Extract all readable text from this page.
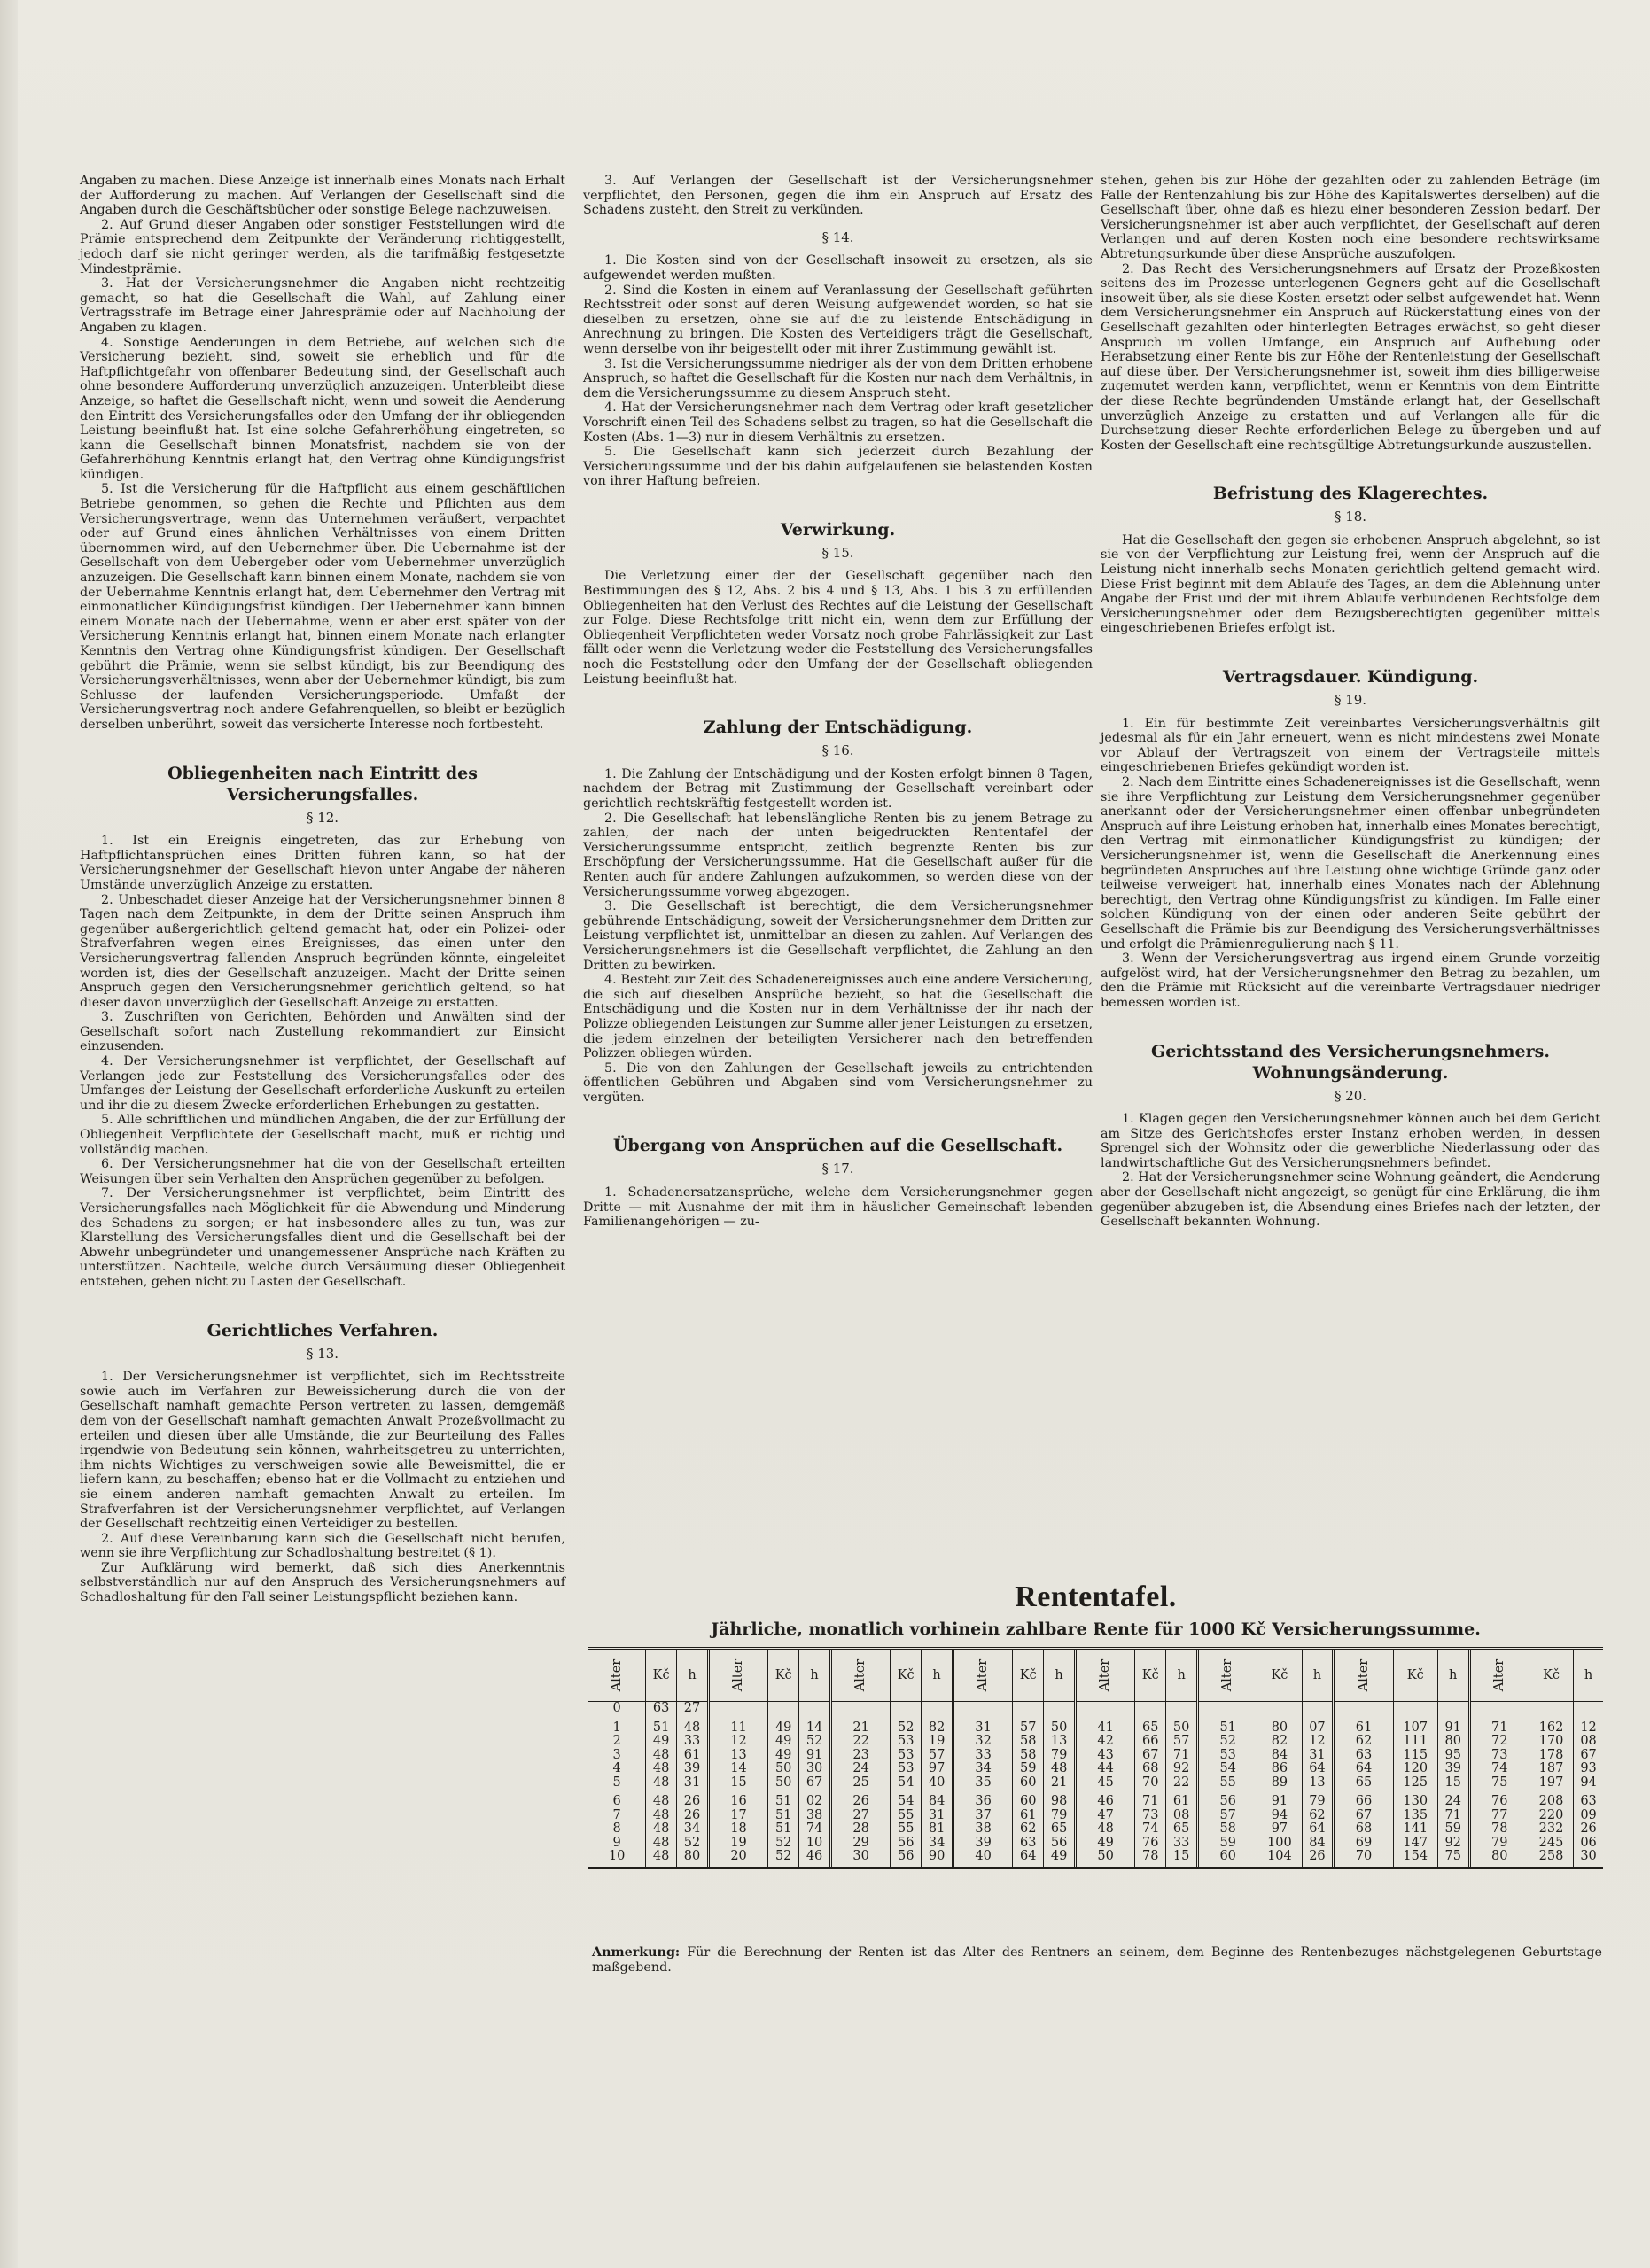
Angaben zu machen. Diese Anzeige ist innerhalb eines Monats nach Erhalt der Aufforderung zu machen. Auf Verlangen der Gesellschaft sind die Angaben durch die Geschäftsbücher oder sonstige Belege nachzuweisen.

2. Auf Grund dieser Angaben oder sonstiger Feststellungen wird die Prämie entsprechend dem Zeitpunkte der Veränderung richtiggestellt, jedoch darf sie nicht geringer werden, als die tarifmäßig festgesetzte Mindestprämie.

3. Hat der Versicherungsnehmer die Angaben nicht rechtzeitig gemacht, so hat die Gesellschaft die Wahl, auf Zahlung einer Vertragsstrafe im Betrage einer Jahresprämie oder auf Nachholung der Angaben zu klagen.

4. Sonstige Aenderungen in dem Betriebe, auf welchen sich die Versicherung bezieht, sind, soweit sie erheblich und für die Haftpflichtgefahr von offenbarer Bedeutung sind, der Gesellschaft auch ohne besondere Aufforderung unverzüglich anzuzeigen. Unterbleibt diese Anzeige, so haftet die Gesellschaft nicht, wenn und soweit die Aenderung den Eintritt des Versicherungsfalles oder den Umfang der ihr obliegenden Leistung beeinflußt hat. Ist eine solche Gefahrerhöhung eingetreten, so kann die Gesellschaft binnen Monatsfrist, nachdem sie von der Gefahrerhöhung Kenntnis erlangt hat, den Vertrag ohne Kündigungsfrist kündigen.

5. Ist die Versicherung für die Haftpflicht aus einem geschäftlichen Betriebe genommen, so gehen die Rechte und Pflichten aus dem Versicherungsvertrage, wenn das Unternehmen veräußert, verpachtet oder auf Grund eines ähnlichen Verhältnisses von einem Dritten übernommen wird, auf den Uebernehmer über. Die Uebernahme ist der Gesellschaft von dem Uebergeber oder vom Uebernehmer unverzüglich anzuzeigen. Die Gesellschaft kann binnen einem Monate, nachdem sie von der Uebernahme Kenntnis erlangt hat, dem Uebernehmer den Vertrag mit einmonatlicher Kündigungsfrist kündigen. Der Uebernehmer kann binnen einem Monate nach der Uebernahme, wenn er aber erst später von der Versicherung Kenntnis erlangt hat, binnen einem Monate nach erlangter Kenntnis den Vertrag ohne Kündigungsfrist kündigen. Der Gesellschaft gebührt die Prämie, wenn sie selbst kündigt, bis zur Beendigung des Versicherungsverhältnisses, wenn aber der Uebernehmer kündigt, bis zum Schlusse der laufenden Versicherungsperiode. Umfaßt der Versicherungsvertrag noch andere Gefahrenquellen, so bleibt er bezüglich derselben unberührt, soweit das versicherte Interesse noch fortbesteht.

Obliegenheiten nach Eintritt des Versicherungsfalles.
§ 12.

1. Ist ein Ereignis eingetreten, das zur Erhebung von Haftpflichtansprüchen eines Dritten führen kann, so hat der Versicherungsnehmer der Gesellschaft hievon unter Angabe der näheren Umstände unverzüglich Anzeige zu erstatten.

2. Unbeschadet dieser Anzeige hat der Versicherungsnehmer binnen 8 Tagen nach dem Zeitpunkte, in dem der Dritte seinen Anspruch ihm gegenüber außergerichtlich geltend gemacht hat, oder ein Polizei- oder Strafverfahren wegen eines Ereignisses, das einen unter den Versicherungsvertrag fallenden Anspruch begründen könnte, eingeleitet worden ist, dies der Gesellschaft anzuzeigen. Macht der Dritte seinen Anspruch gegen den Versicherungsnehmer gerichtlich geltend, so hat dieser davon unverzüglich der Gesellschaft Anzeige zu erstatten.

3. Zuschriften von Gerichten, Behörden und Anwälten sind der Gesellschaft sofort nach Zustellung rekommandiert zur Einsicht einzusenden.

4. Der Versicherungsnehmer ist verpflichtet, der Gesellschaft auf Verlangen jede zur Feststellung des Versicherungsfalles oder des Umfanges der Leistung der Gesellschaft erforderliche Auskunft zu erteilen und ihr die zu diesem Zwecke erforderlichen Erhebungen zu gestatten.

5. Alle schriftlichen und mündlichen Angaben, die der zur Erfüllung der Obliegenheit Verpflichtete der Gesellschaft macht, muß er richtig und vollständig machen.

6. Der Versicherungsnehmer hat die von der Gesellschaft erteilten Weisungen über sein Verhalten den Ansprüchen gegenüber zu befolgen.

7. Der Versicherungsnehmer ist verpflichtet, beim Eintritt des Versicherungsfalles nach Möglichkeit für die Abwendung und Minderung des Schadens zu sorgen; er hat insbesondere alles zu tun, was zur Klarstellung des Versicherungsfalles dient und die Gesellschaft bei der Abwehr unbegründeter und unangemessener Ansprüche nach Kräften zu unterstützen. Nachteile, welche durch Versäumung dieser Obliegenheit entstehen, gehen nicht zu Lasten der Gesellschaft.

Gerichtliches Verfahren.
§ 13.

1. Der Versicherungsnehmer ist verpflichtet, sich im Rechtsstreite sowie auch im Verfahren zur Beweissicherung durch die von der Gesellschaft namhaft gemachte Person vertreten zu lassen, demgemäß dem von der Gesellschaft namhaft gemachten Anwalt Prozeßvollmacht zu erteilen und diesen über alle Umstände, die zur Beurteilung des Falles irgendwie von Bedeutung sein können, wahrheitsgetreu zu unterrichten, ihm nichts Wichtiges zu verschweigen sowie alle Beweismittel, die er liefern kann, zu beschaffen; ebenso hat er die Vollmacht zu entziehen und sie einem anderen namhaft gemachten Anwalt zu erteilen. Im Strafverfahren ist der Versicherungsnehmer verpflichtet, auf Verlangen der Gesellschaft rechtzeitig einen Verteidiger zu bestellen.

2. Auf diese Vereinbarung kann sich die Gesellschaft nicht berufen, wenn sie ihre Verpflichtung zur Schadloshaltung bestreitet (§ 1).

Zur Aufklärung wird bemerkt, daß sich dies Anerkenntnis selbstverständlich nur auf den Anspruch des Versicherungsnehmers auf Schadloshaltung für den Fall seiner Leistungspflicht beziehen kann.

3. Auf Verlangen der Gesellschaft ist der Versicherungsnehmer verpflichtet, den Personen, gegen die ihm ein Anspruch auf Ersatz des Schadens zusteht, den Streit zu verkünden.

§ 14.

1. Die Kosten sind von der Gesellschaft insoweit zu ersetzen, als sie aufgewendet werden mußten.

2. Sind die Kosten in einem auf Veranlassung der Gesellschaft geführten Rechtsstreit oder sonst auf deren Weisung aufgewendet worden, so hat sie dieselben zu ersetzen, ohne sie auf die zu leistende Entschädigung in Anrechnung zu bringen. Die Kosten des Verteidigers trägt die Gesellschaft, wenn derselbe von ihr beigestellt oder mit ihrer Zustimmung gewählt ist.

3. Ist die Versicherungssumme niedriger als der von dem Dritten erhobene Anspruch, so haftet die Gesellschaft für die Kosten nur nach dem Verhältnis, in dem die Versicherungssumme zu diesem Anspruch steht.

4. Hat der Versicherungsnehmer nach dem Vertrag oder kraft gesetzlicher Vorschrift einen Teil des Schadens selbst zu tragen, so hat die Gesellschaft die Kosten (Abs. 1—3) nur in diesem Verhältnis zu ersetzen.

5. Die Gesellschaft kann sich jederzeit durch Bezahlung der Versicherungssumme und der bis dahin aufgelaufenen sie belastenden Kosten von ihrer Haftung befreien.

Verwirkung.
§ 15.

Die Verletzung einer der der Gesellschaft gegenüber nach den Bestimmungen des § 12, Abs. 2 bis 4 und § 13, Abs. 1 bis 3 zu erfüllenden Obliegenheiten hat den Verlust des Rechtes auf die Leistung der Gesellschaft zur Folge. Diese Rechtsfolge tritt nicht ein, wenn dem zur Erfüllung der Obliegenheit Verpflichteten weder Vorsatz noch grobe Fahrlässigkeit zur Last fällt oder wenn die Verletzung weder die Feststellung des Versicherungsfalles noch die Feststellung oder den Umfang der der Gesellschaft obliegenden Leistung beeinflußt hat.

Zahlung der Entschädigung.
§ 16.

1. Die Zahlung der Entschädigung und der Kosten erfolgt binnen 8 Tagen, nachdem der Betrag mit Zustimmung der Gesellschaft vereinbart oder gerichtlich rechtskräftig festgestellt worden ist.

2. Die Gesellschaft hat lebenslängliche Renten bis zu jenem Betrage zu zahlen, der nach der unten beigedruckten Rententafel der Versicherungssumme entspricht, zeitlich begrenzte Renten bis zur Erschöpfung der Versicherungssumme. Hat die Gesellschaft außer für die Renten auch für andere Zahlungen aufzukommen, so werden diese von der Versicherungssumme vorweg abgezogen.

3. Die Gesellschaft ist berechtigt, die dem Versicherungsnehmer gebührende Entschädigung, soweit der Versicherungsnehmer dem Dritten zur Leistung verpflichtet ist, unmittelbar an diesen zu zahlen. Auf Verlangen des Versicherungsnehmers ist die Gesellschaft verpflichtet, die Zahlung an den Dritten zu bewirken.

4. Besteht zur Zeit des Schadenereignisses auch eine andere Versicherung, die sich auf dieselben Ansprüche bezieht, so hat die Gesellschaft die Entschädigung und die Kosten nur in dem Verhältnisse der ihr nach der Polizze obliegenden Leistungen zur Summe aller jener Leistungen zu ersetzen, die jedem einzelnen der beteiligten Versicherer nach den betreffenden Polizzen obliegen würden.

5. Die von den Zahlungen der Gesellschaft jeweils zu entrichtenden öffentlichen Gebühren und Abgaben sind vom Versicherungsnehmer zu vergüten.

Übergang von Ansprüchen auf die Gesellschaft.
§ 17.

1. Schadenersatzansprüche, welche dem Versicherungsnehmer gegen Dritte — mit Ausnahme der mit ihm in häuslicher Gemeinschaft lebenden Familienangehörigen — zu-

stehen, gehen bis zur Höhe der gezahlten oder zu zahlenden Beträge (im Falle der Rentenzahlung bis zur Höhe des Kapitalswertes derselben) auf die Gesellschaft über, ohne daß es hiezu einer besonderen Zession bedarf. Der Versicherungsnehmer ist aber auch verpflichtet, der Gesellschaft auf deren Verlangen und auf deren Kosten noch eine besondere rechtswirksame Abtretungsurkunde über diese Ansprüche auszufolgen.

2. Das Recht des Versicherungsnehmers auf Ersatz der Prozeßkosten seitens des im Prozesse unterlegenen Gegners geht auf die Gesellschaft insoweit über, als sie diese Kosten ersetzt oder selbst aufgewendet hat. Wenn dem Versicherungsnehmer ein Anspruch auf Rückerstattung eines von der Gesellschaft gezahlten oder hinterlegten Betrages erwächst, so geht dieser Anspruch im vollen Umfange, ein Anspruch auf Aufhebung oder Herabsetzung einer Rente bis zur Höhe der Rentenleistung der Gesellschaft auf diese über. Der Versicherungsnehmer ist, soweit ihm dies billigerweise zugemutet werden kann, verpflichtet, wenn er Kenntnis von dem Eintritte der diese Rechte begründenden Umstände erlangt hat, der Gesellschaft unverzüglich Anzeige zu erstatten und auf Verlangen alle für die Durchsetzung dieser Rechte erforderlichen Belege zu übergeben und auf Kosten der Gesellschaft eine rechtsgültige Abtretungsurkunde auszustellen.

Befristung des Klagerechtes.
§ 18.

Hat die Gesellschaft den gegen sie erhobenen Anspruch abgelehnt, so ist sie von der Verpflichtung zur Leistung frei, wenn der Anspruch auf die Leistung nicht innerhalb sechs Monaten gerichtlich geltend gemacht wird. Diese Frist beginnt mit dem Ablaufe des Tages, an dem die Ablehnung unter Angabe der Frist und der mit ihrem Ablaufe verbundenen Rechtsfolge dem Versicherungsnehmer oder dem Bezugsberechtigten gegenüber mittels eingeschriebenen Briefes erfolgt ist.

Vertragsdauer. Kündigung.
§ 19.

1. Ein für bestimmte Zeit vereinbartes Versicherungsverhältnis gilt jedesmal als für ein Jahr erneuert, wenn es nicht mindestens zwei Monate vor Ablauf der Vertragszeit von einem der Vertragsteile mittels eingeschriebenen Briefes gekündigt worden ist.

2. Nach dem Eintritte eines Schadenereignisses ist die Gesellschaft, wenn sie ihre Verpflichtung zur Leistung dem Versicherungsnehmer gegenüber anerkannt oder der Versicherungsnehmer einen offenbar unbegründeten Anspruch auf ihre Leistung erhoben hat, innerhalb eines Monates berechtigt, den Vertrag mit einmonatlicher Kündigungsfrist zu kündigen; der Versicherungsnehmer ist, wenn die Gesellschaft die Anerkennung eines begründeten Anspruches auf ihre Leistung ohne wichtige Gründe ganz oder teilweise verweigert hat, innerhalb eines Monates nach der Ablehnung berechtigt, den Vertrag ohne Kündigungsfrist zu kündigen. Im Falle einer solchen Kündigung von der einen oder anderen Seite gebührt der Gesellschaft die Prämie bis zur Beendigung des Versicherungsverhältnisses und erfolgt die Prämienregulierung nach § 11.

3. Wenn der Versicherungsvertrag aus irgend einem Grunde vorzeitig aufgelöst wird, hat der Versicherungsnehmer den Betrag zu bezahlen, um den die Prämie mit Rücksicht auf die vereinbarte Vertragsdauer niedriger bemessen worden ist.

Gerichtsstand des Versicherungsnehmers. Wohnungsänderung.
§ 20.

1. Klagen gegen den Versicherungsnehmer können auch bei dem Gericht am Sitze des Gerichtshofes erster Instanz erhoben werden, in dessen Sprengel sich der Wohnsitz oder die gewerbliche Niederlassung oder das landwirtschaftliche Gut des Versicherungsnehmers befindet.

2. Hat der Versicherungsnehmer seine Wohnung geändert, die Aenderung aber der Gesellschaft nicht angezeigt, so genügt für eine Erklärung, die ihm gegenüber abzugeben ist, die Absendung eines Briefes nach der letzten, der Gesellschaft bekannten Wohnung.

Rententafel.
Jährliche, monatlich vorhinein zahlbare Rente für 1000 Kč Versicherungssumme.
Alter	Kč	h	Alter	Kč	h	Alter	Kč	h	Alter	Kč	h	Alter	Kč	h	Alter	Kč	h	Alter	Kč	h	Alter	Kč	h
0	63	27																					

1	51	48	11	49	14	21	52	82	31	57	50	41	65	50	51	80	07	61	107	91	71	162	12
2	49	33	12	49	52	22	53	19	32	58	13	42	66	57	52	82	12	62	111	80	72	170	08
3	48	61	13	49	91	23	53	57	33	58	79	43	67	71	53	84	31	63	115	95	73	178	67
4	48	39	14	50	30	24	53	97	34	59	48	44	68	92	54	86	64	64	120	39	74	187	93
5	48	31	15	50	67	25	54	40	35	60	21	45	70	22	55	89	13	65	125	15	75	197	94

6	48	26	16	51	02	26	54	84	36	60	98	46	71	61	56	91	79	66	130	24	76	208	63
7	48	26	17	51	38	27	55	31	37	61	79	47	73	08	57	94	62	67	135	71	77	220	09
8	48	34	18	51	74	28	55	81	38	62	65	48	74	65	58	97	64	68	141	59	78	232	26
9	48	52	19	52	10	29	56	34	39	63	56	49	76	33	59	100	84	69	147	92	79	245	06
10	48	80	20	52	46	30	56	90	40	64	49	50	78	15	60	104	26	70	154	75	80	258	30
Anmerkung: Für die Berechnung der Renten ist das Alter des Rentners an seinem, dem Beginne des Rentenbezuges nächstgelegenen Geburtstage maßgebend.
